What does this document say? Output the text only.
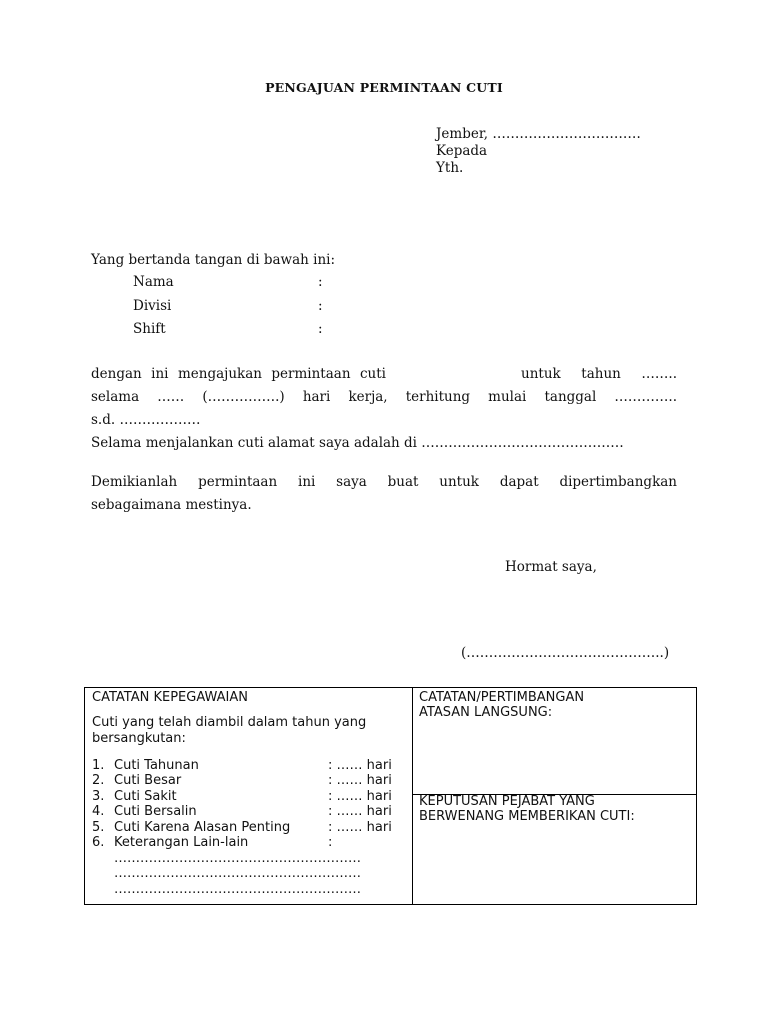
PENGAJUAN PERMINTAAN CUTI
Jember, ……………………………
Kepada
Yth.
Yang bertanda tangan di bawah ini:
Nama	:
Divisi	:
Shift	:
dengan ini mengajukan permintaan cuti	untuk tahun ……..
selama …… (…………….) hari kerja, terhitung mulai tanggal …………..
s.d. ………………
Selama menjalankan cuti alamat saya adalah di ………………………………………
Demikianlah permintaan ini saya buat untuk dapat dipertimbangkan
sebagaimana mestinya.
Hormat saya,
(……………………………………..)
CATATAN KEPEGAWAIAN
Cuti yang telah diambil dalam tahun yang
bersangkutan:
1. Cuti Tahunan	: …… hari
2. Cuti Besar	: …… hari
3. Cuti Sakit	: …… hari
4. Cuti Bersalin	: …… hari
5. Cuti Karena Alasan Penting	: …… hari
6. Keterangan Lain-lain	:
…………………………………………………
…………………………………………………
…………………………………………………
CATATAN/PERTIMBANGAN
ATASAN LANGSUNG:
KEPUTUSAN PEJABAT YANG
BERWENANG MEMBERIKAN CUTI:
